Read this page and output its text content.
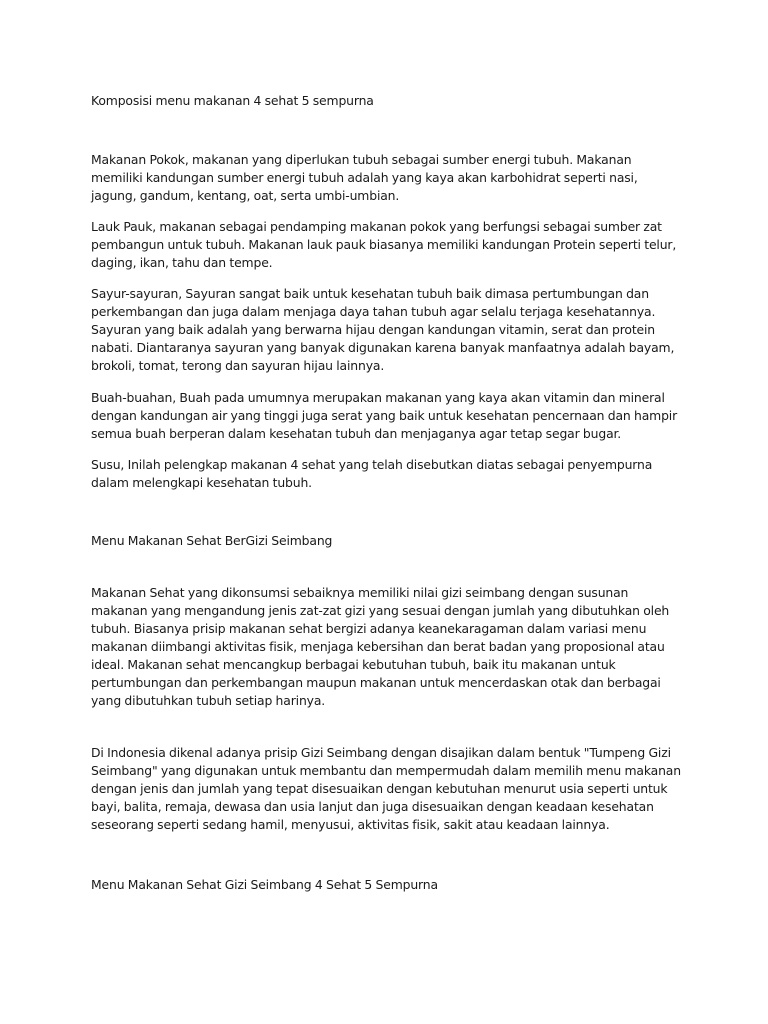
Komposisi menu makanan 4 sehat 5 sempurna

Makanan Pokok, makanan yang diperlukan tubuh sebagai sumber energi tubuh. Makanan memiliki kandungan sumber energi tubuh adalah yang kaya akan karbohidrat seperti nasi, jagung, gandum, kentang, oat, serta umbi-umbian.

Lauk Pauk, makanan sebagai pendamping makanan pokok yang berfungsi sebagai sumber zat pembangun untuk tubuh. Makanan lauk pauk biasanya memiliki kandungan Protein seperti telur, daging, ikan, tahu dan tempe.

Sayur-sayuran, Sayuran sangat baik untuk kesehatan tubuh baik dimasa pertumbungan dan perkembangan dan juga dalam menjaga daya tahan tubuh agar selalu terjaga kesehatannya. Sayuran yang baik adalah yang berwarna hijau dengan kandungan vitamin, serat dan protein nabati. Diantaranya sayuran yang banyak digunakan karena banyak manfaatnya adalah bayam, brokoli, tomat, terong dan sayuran hijau lainnya.

Buah-buahan, Buah pada umumnya merupakan makanan yang kaya akan vitamin dan mineral dengan kandungan air yang tinggi juga serat yang baik untuk kesehatan pencernaan dan hampir semua buah berperan dalam kesehatan tubuh dan menjaganya agar tetap segar bugar.

Susu, Inilah pelengkap makanan 4 sehat yang telah disebutkan diatas sebagai penyempurna dalam melengkapi kesehatan tubuh.

Menu Makanan Sehat BerGizi Seimbang

Makanan Sehat yang dikonsumsi sebaiknya memiliki nilai gizi seimbang dengan susunan makanan yang mengandung jenis zat-zat gizi yang sesuai dengan jumlah yang dibutuhkan oleh tubuh. Biasanya prisip makanan sehat bergizi adanya keanekaragaman dalam variasi menu makanan diimbangi aktivitas fisik, menjaga kebersihan dan berat badan yang proposional atau ideal. Makanan sehat mencangkup berbagai kebutuhan tubuh, baik itu makanan untuk pertumbungan dan perkembangan maupun makanan untuk mencerdaskan otak dan berbagai yang dibutuhkan tubuh setiap harinya.

Di Indonesia dikenal adanya prisip Gizi Seimbang dengan disajikan dalam bentuk "Tumpeng Gizi Seimbang" yang digunakan untuk membantu dan mempermudah dalam memilih menu makanan dengan jenis dan jumlah yang tepat disesuaikan dengan kebutuhan menurut usia seperti untuk bayi, balita, remaja, dewasa dan usia lanjut dan juga disesuaikan dengan keadaan kesehatan seseorang seperti sedang hamil, menyusui, aktivitas fisik, sakit atau keadaan lainnya.

Menu Makanan Sehat Gizi Seimbang 4 Sehat 5 Sempurna
